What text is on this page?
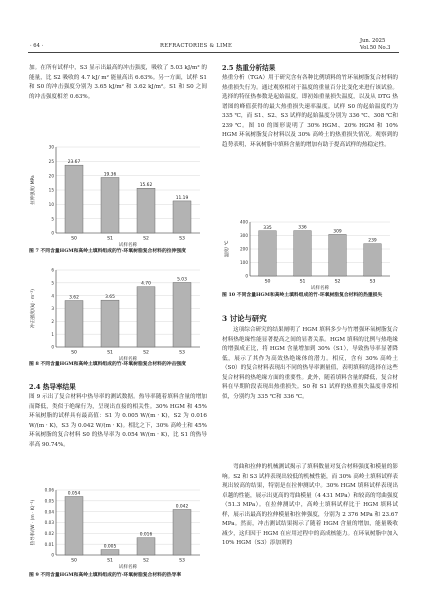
· 64 ·	REFRACTORIES & LIME
Jun. 2025
Vol.50 No.3

加。在所有试样中，S3 显示出最高的冲击强度，吸收了 5.03 kJ/m² 的能量，比 S2 吸收的 4.7 kJ/ m² 能量高出 6.63%。另一方面，试样 S1 和 S0 的冲击强度分别为 3.65 kJ/m² 和 3.62 kJ/m²。S1 和 S0 之间的冲击强度相差 0.63%。

0
5
10
15
20
25
30
23.67
S0
19.36
S1
15.62
S2
11.19
S3
试样名称
拉伸强度/ MPa

图 7 不同含量HGM和高岭土填料组成的竹-环氧树脂复合材料的拉伸强度

0
1
2
3
4
5
6
3.62
S0
3.65
S1
4.70
S2
5.03
S3
试样名称
冲击强度/(kJ · m⁻²)

图 8 不同含量HGM和高岭土填料组成的竹-环氧树脂复合材料的冲击强度

2.4 热导率结果

图 9 示出了复合材料中热导率的测试数据。热导率随着填料含量的增加而降低，类似于绝缘行为，呈现出直接的相关性。30% HGM 和 45% 环氧树脂的试样具有最高值：S1 为 0.005 W/(m · K)，S2 为 0.016 W/(m · K)，S3 为 0.042 W/(m · K)。相比之下，30% 高岭土和 45% 环氧树脂的复合材料 S0 的热导率为 0.054 W/(m · K)，比 S1 的热导率高 90.74%。

0
0.01
0.02
0.03
0.04
0.05
0.06
0.054
S0
0.005
S1
0.016
S2
0.042
S3
试样名称
热导率/(W · (m · K)⁻¹)

图 9 不同含量HGM和高岭土填料组成的竹-环氧树脂复合材料的热导率

2.5 热重分析结果

热重分析（TGA）用于研究含有各种比例填料的竹环氧树脂复合材料的热重损失行为。通过观察相对于温度的重量百分比变化来进行该试验。选择的特征热参数是起始温度，即初始重量损失温度，以及从 DTG 热谱图的峰值获得的最大热重损失速率温度。试样 S0 的起始温度约为 335 ℃，而 S1、S2、S3 试样的起始温度分别为 336 ℃、308 ℃和 239 ℃。图 10 的图形说明了 30% HGM、20% HGM 和 10% HGM 环氧树脂复合材料以及 30% 高岭土的热重损失情况。观察到的趋势表明，环氧树脂中填料含量的增加有助于提高试样的热稳定性。

0
100
200
300
400
335
S0
336
S1
309
S2
239
S3
试样名称
温度/ ℃

图 10 不同含量HGM和高岭土填料组成的竹-环氧树脂复合材料的热重损失

3 讨论与研究

这项综合研究的结果阐明了 HGM 填料多少与竹增强环氧树脂复合材料热绝缘性能显著提高之间的显著关系。HGM 填料的比例与热绝缘的增强成正比，将 HGM 含量增加到 30%（S1），导致热导率显著降低，展示了其作为高效热绝缘体的潜力。相反，含有 30% 高岭土（S0）的复合材料表现出不同的热导率测量值，表明填料的选择在这些复合材料的热绝缘方面的重要性。此外，随着填料含量的降低，复合材料在早期阶段表现出热重损失。S0 和 S1 试样的热重损失温度非常相似，分别约为 335 ℃和 336 ℃。

弯曲和拉伸的机械测试揭示了填料数量对复合材料强度和模量的影响。S2 和 S3 试样表现出较低的机械性能，而 30% 高岭土填料试样表现出较高的结果，特别是在拉伸测试中。30% HGM 填料试样表现出卓越的性能，展示出更高的弯曲模量（4 431 MPa）和较高的弯曲强度（51.3 MPa）。在拉伸测试中，高岭土填料试样比于 HGM 填料试样，展示出最高的拉伸模量和拉伸强度，分别为 2 376 MPa 和 23.67 MPa。然而，冲击测试结果揭示了随着 HGM 含量的增加，能量吸收减少，这归因于 HGM 在应用过程中的高成核能力。在环氧树脂中加入 10% HGM（S3）添加剂的
